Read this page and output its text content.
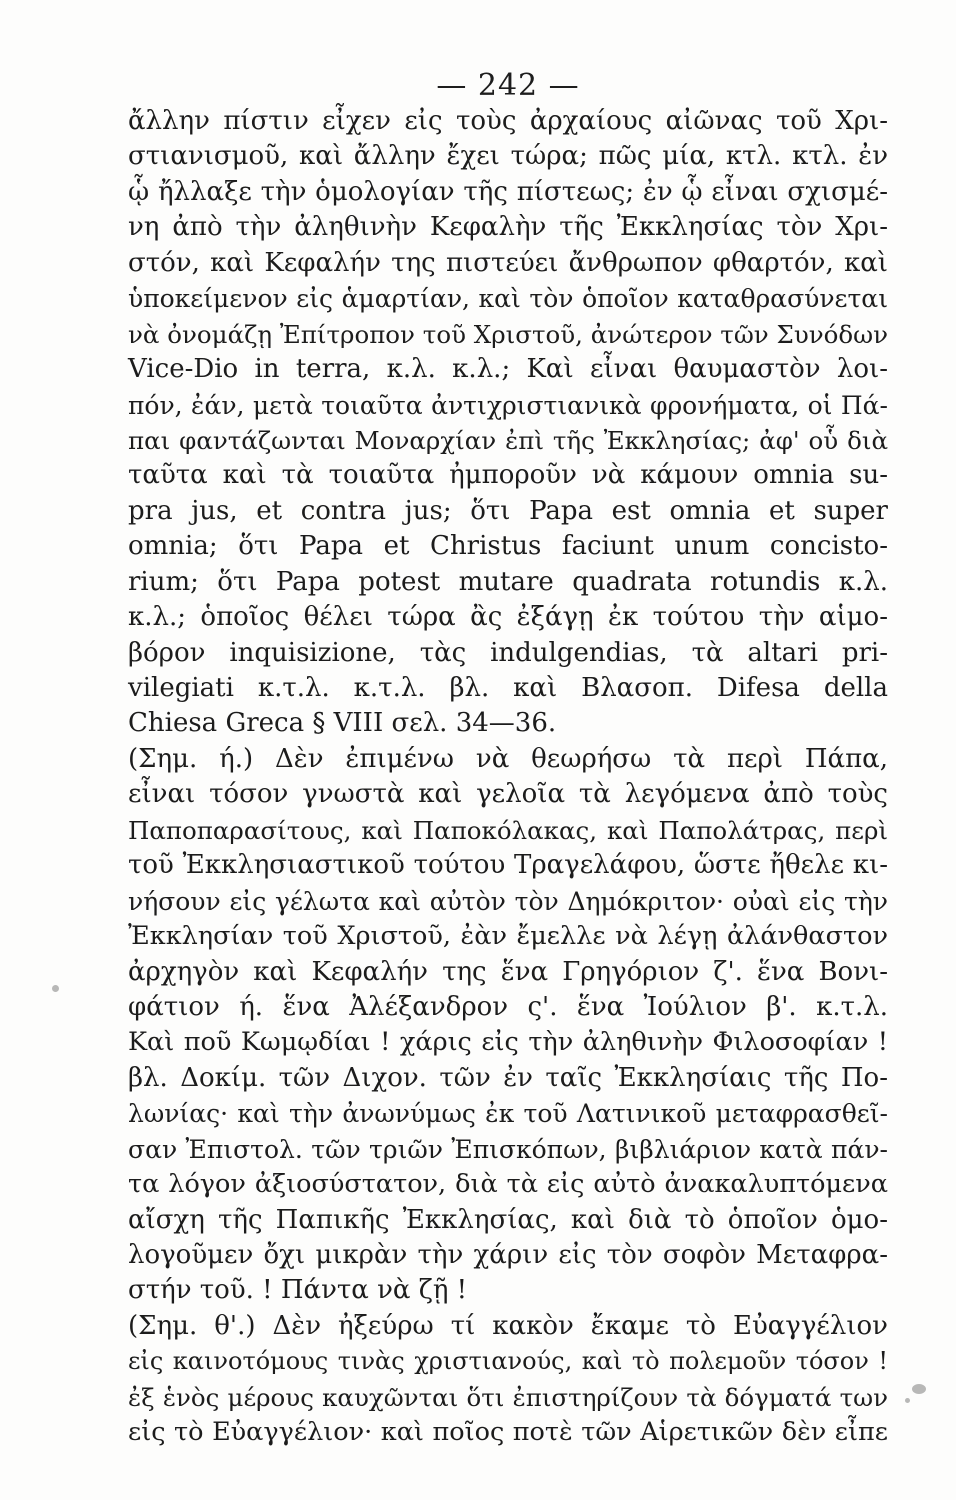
— 242 —
ἄλλην πίστιν εἶχεν εἰς τοὺς ἀρχαίους αἰῶνας τοῦ Χρι-
στιανισμοῦ, καὶ ἄλλην ἔχει τώρα; πῶς μία, κτλ. κτλ. ἐν
ᾧ ἤλλαξε τὴν ὁμολογίαν τῆς πίστεως; ἐν ᾧ εἶναι σχισμέ-
νη ἀπὸ τὴν ἀληθινὴν Κεφαλὴν τῆς Ἐκκλησίας τὸν Χρι-
στόν, καὶ Κεφαλήν της πιστεύει ἄνθρωπον φθαρτόν, καὶ
ὑποκείμενον εἰς ἁμαρτίαν, καὶ τὸν ὁποῖον καταθρασύνεται
νὰ ὀνομάζῃ Ἐπίτροπον τοῦ Χριστοῦ, ἀνώτερον τῶν Συνόδων
Vice-Dio in terra, κ.λ. κ.λ.; Καὶ εἶναι θαυμαστὸν λοι-
πόν, ἐάν, μετὰ τοιαῦτα ἀντιχριστιανικὰ φρονήματα, οἱ Πά-
παι φαντάζωνται Μοναρχίαν ἐπὶ τῆς Ἐκκλησίας; ἀφ' οὗ διὰ
ταῦτα καὶ τὰ τοιαῦτα ἠμποροῦν νὰ κάμουν omnia su-
pra jus, et contra jus; ὅτι Papa est omnia et super
omnia; ὅτι Papa et Christus faciunt unum concisto-
rium; ὅτι Papa potest mutare quadrata rotundis κ.λ.
κ.λ.; ὁποῖος θέλει τώρα ἂς ἐξάγῃ ἐκ τούτου τὴν αἱμο-
βόρον inquisizione, τὰς indulgendias, τὰ altari pri-
vilegiati κ.τ.λ. κ.τ.λ. βλ. καὶ Βλασοπ. Difesa della
Chiesa Greca § VIII σελ. 34—36.
(Σημ. ή.) Δὲν ἐπιμένω νὰ θεωρήσω τὰ περὶ Πάπα,
εἶναι τόσον γνωστὰ καὶ γελοῖα τὰ λεγόμενα ἀπὸ τοὺς
Παποπαρασίτους, καὶ Παποκόλακας, καὶ Παπολάτρας, περὶ
τοῦ Ἐκκλησιαστικοῦ τούτου Τραγελάφου, ὥστε ἤθελε κι-
νήσουν εἰς γέλωτα καὶ αὐτὸν τὸν Δημόκριτον· οὐαὶ εἰς τὴν
Ἐκκλησίαν τοῦ Χριστοῦ, ἐὰν ἔμελλε νὰ λέγῃ ἀλάνθαστον
ἀρχηγὸν καὶ Κεφαλήν της ἕνα Γρηγόριον ζ'. ἕνα Βονι-
φάτιον ή. ἕνα Ἀλέξανδρον ς'. ἕνα Ἰούλιον β'. κ.τ.λ.
Καὶ ποῦ Κωμῳδίαι ! χάρις εἰς τὴν ἀληθινὴν Φιλοσοφίαν !
βλ. Δοκίμ. τῶν Διχον. τῶν ἐν ταῖς Ἐκκλησίαις τῆς Πο-
λωνίας· καὶ τὴν ἀνωνύμως ἐκ τοῦ Λατινικοῦ μεταφρασθεῖ-
σαν Ἐπιστολ. τῶν τριῶν Ἐπισκόπων, βιβλιάριον κατὰ πάν-
τα λόγον ἀξιοσύστατον, διὰ τὰ εἰς αὐτὸ ἀνακαλυπτόμενα
αἴσχη τῆς Παπικῆς Ἐκκλησίας, καὶ διὰ τὸ ὁποῖον ὁμο-
λογοῦμεν ὄχι μικρὰν τὴν χάριν εἰς τὸν σοφὸν Μεταφρα-
στήν τοῦ. ! Πάντα νὰ ζῇ !
(Σημ. θ'.) Δὲν ἠξεύρω τί κακὸν ἔκαμε τὸ Εὐαγγέλιον
εἰς καινοτόμους τινὰς χριστιανούς, καὶ τὸ πολεμοῦν τόσον !
ἐξ ἑνὸς μέρους καυχῶνται ὅτι ἐπιστηρίζουν τὰ δόγματά των
εἰς τὸ Εὐαγγέλιον· καὶ ποῖος ποτὲ τῶν Αἱρετικῶν δὲν εἶπε
